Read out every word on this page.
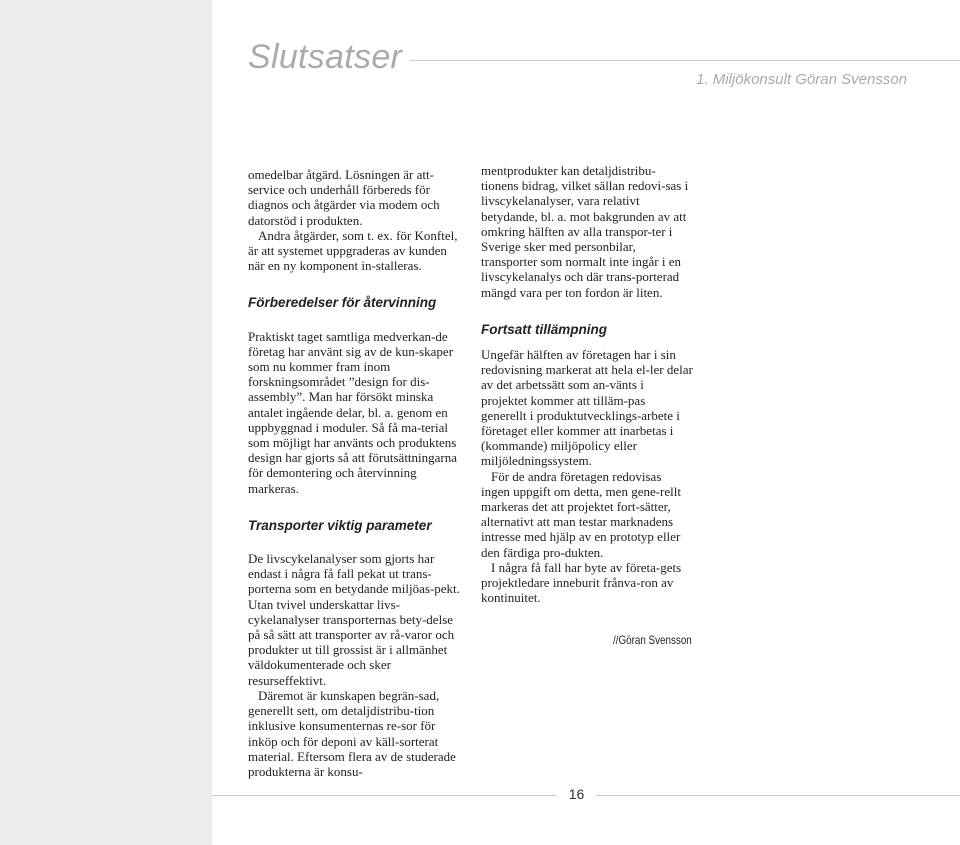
Slutsatser
1. Miljökonsult Göran Svensson

omedelbar åtgärd. Lösningen är att-service och underhåll förbereds för diagnos och åtgärder via modem och datorstöd i produkten.

Andra åtgärder, som t. ex. för Konftel, är att systemet uppgraderas av kunden när en ny komponent in-stalleras.

Förberedelser för återvinning

Praktiskt taget samtliga medverkan-de företag har använt sig av de kun-skaper som nu kommer fram inom forskningsområdet ”design for dis-assembly”. Man har försökt minska antalet ingående delar, bl. a. genom en uppbyggnad i moduler. Så få ma-terial som möjligt har använts och produktens design har gjorts så att förutsättningarna för demontering och återvinning markeras.

Transporter viktig parameter

De livscykelanalyser som gjorts har endast i några få fall pekat ut trans-porterna som en betydande miljöas-pekt. Utan tvivel underskattar livs-cykelanalyser transporternas bety-delse på så sätt att transporter av rå-varor och produkter ut till grossist är i allmänhet väldokumenterade och sker resurseffektivt.

Däremot är kunskapen begrän-sad, generellt sett, om detaljdistribu-tion inklusive konsumenternas re-sor för inköp och för deponi av käll-sorterat material. Eftersom flera av de studerade produkterna är konsu-

mentprodukter kan detaljdistribu-tionens bidrag, vilket sällan redovi-sas i livscykelanalyser, vara relativt betydande, bl. a. mot bakgrunden av att omkring hälften av alla transpor-ter i Sverige sker med personbilar, transporter som normalt inte ingår i en livscykelanalys och där trans-porterad mängd vara per ton fordon är liten.

Fortsatt tillämpning

Ungefär hälften av företagen har i sin redovisning markerat att hela el-ler delar av det arbetssätt som an-vänts i projektet kommer att tilläm-pas generellt i produktutvecklings-arbete i företaget eller kommer att inarbetas i (kommande) miljöpolicy eller miljöledningssystem.

För de andra företagen redovisas ingen uppgift om detta, men gene-rellt markeras det att projektet fort-sätter, alternativt att man testar marknadens intresse med hjälp av en prototyp eller den färdiga pro-dukten.

I några få fall har byte av företa-gets projektledare inneburit frånva-ron av kontinuitet.

//Göran Svensson
16
